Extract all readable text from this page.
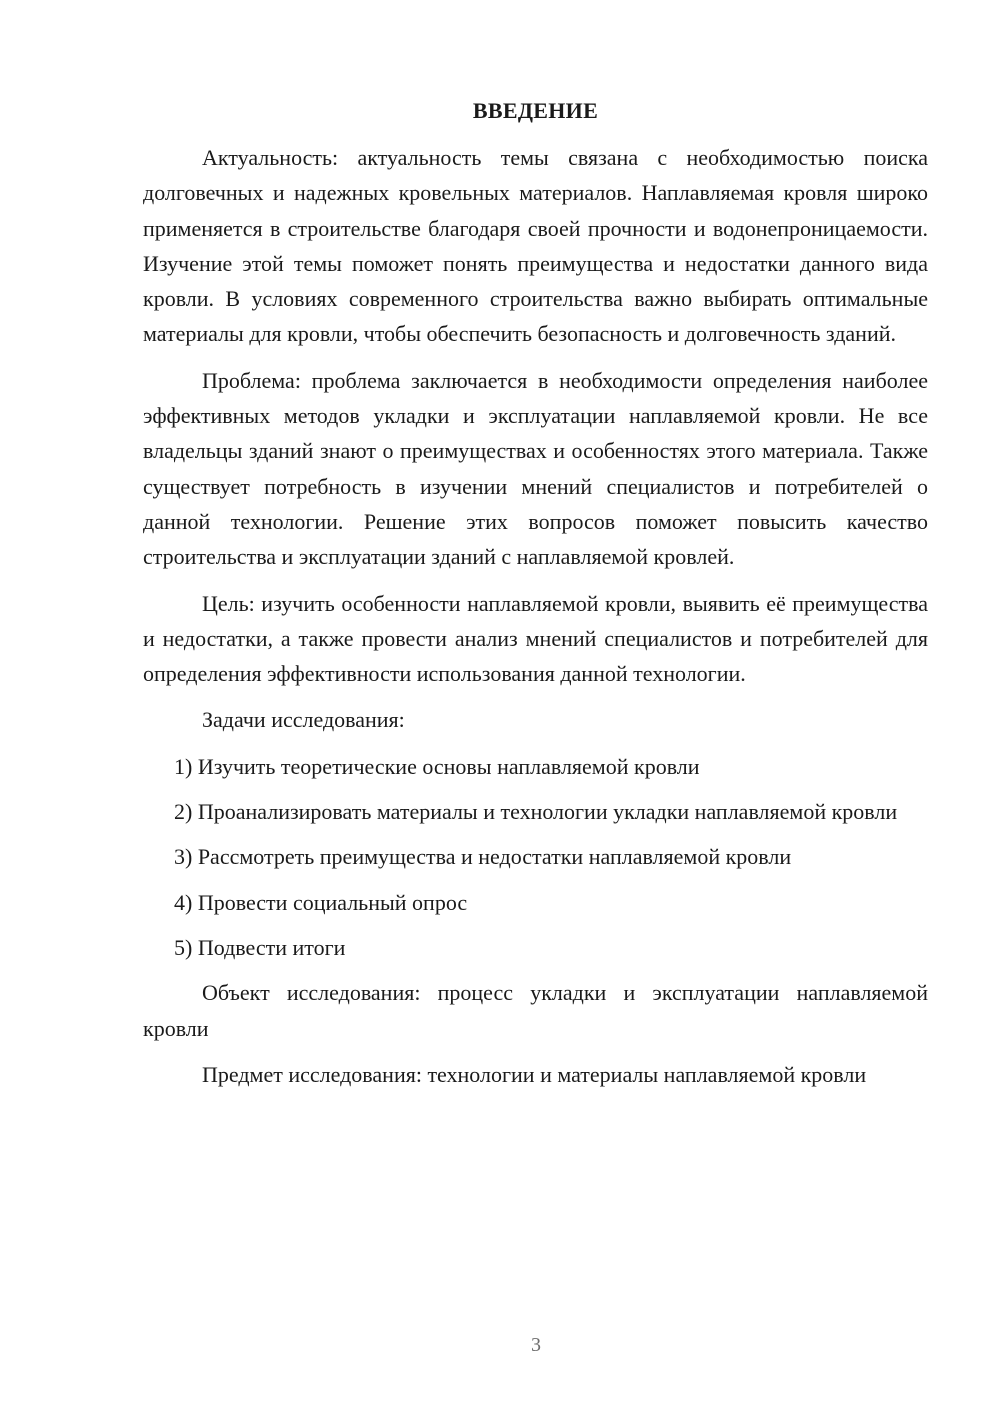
ВВЕДЕНИЕ

Актуальность: актуальность темы связана с необходимостью поиска долговечных и надежных кровельных материалов. Наплавляемая кровля широко применяется в строительстве благодаря своей прочности и водонепроницаемости. Изучение этой темы поможет понять преимущества и недостатки данного вида кровли. В условиях современного строительства важно выбирать оптимальные материалы для кровли, чтобы обеспечить безопасность и долговечность зданий.

Проблема: проблема заключается в необходимости определения наиболее эффективных методов укладки и эксплуатации наплавляемой кровли. Не все владельцы зданий знают о преимуществах и особенностях этого материала. Также существует потребность в изучении мнений специалистов и потребителей о данной технологии. Решение этих вопросов поможет повысить качество строительства и эксплуатации зданий с наплавляемой кровлей.

Цель: изучить особенности наплавляемой кровли, выявить её преимущества и недостатки, а также провести анализ мнений специалистов и потребителей для определения эффективности использования данной технологии.

Задачи исследования:

1) Изучить теоретические основы наплавляемой кровли

2) Проанализировать материалы и технологии укладки наплавляемой кровли

3) Рассмотреть преимущества и недостатки наплавляемой кровли

4) Провести социальный опрос

5) Подвести итоги

Объект исследования: процесс укладки и эксплуатации наплавляемой кровли

Предмет исследования: технологии и материалы наплавляемой кровли

3
